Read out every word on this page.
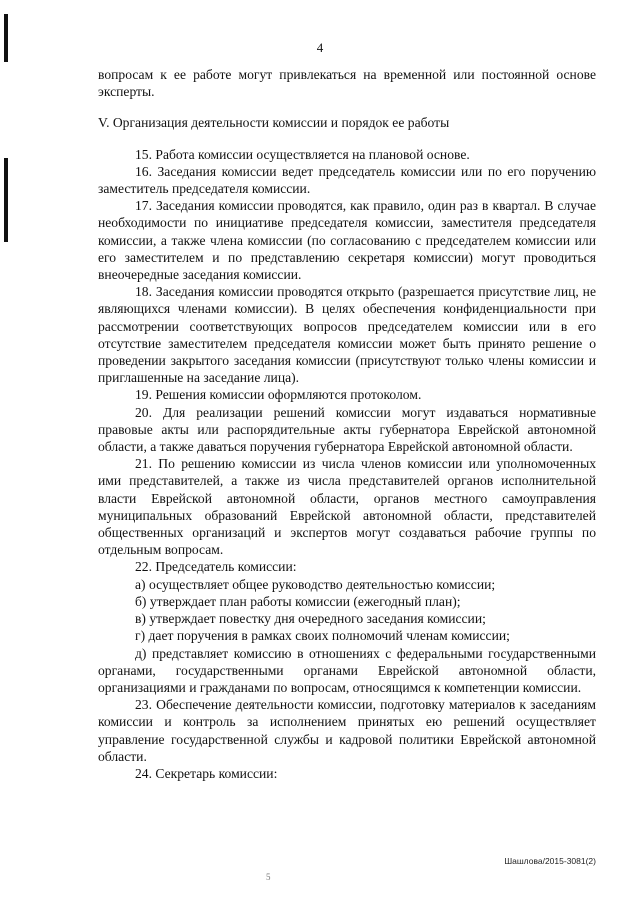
4

вопросам к ее работе могут привлекаться на временной или постоянной основе эксперты.

V. Организация деятельности комиссии и порядок ее работы

15. Работа комиссии осуществляется на плановой основе.

16. Заседания комиссии ведет председатель комиссии или по его поручению заместитель председателя комиссии.

17. Заседания комиссии проводятся, как правило, один раз в квартал. В случае необходимости по инициативе председателя комиссии, заместителя председателя комиссии, а также члена комиссии (по согласованию с председателем комиссии или его заместителем и по представлению секретаря комиссии) могут проводиться внеочередные заседания комиссии.

18. Заседания комиссии проводятся открыто (разрешается присутствие лиц, не являющихся членами комиссии). В целях обеспечения конфиденциальности при рассмотрении соответствующих вопросов председателем комиссии или в его отсутствие заместителем председателя комиссии может быть принято решение о проведении закрытого заседания комиссии (присутствуют только члены комиссии и приглашенные на заседание лица).

19. Решения комиссии оформляются протоколом.

20. Для реализации решений комиссии могут издаваться нормативные правовые акты или распорядительные акты губернатора Еврейской автономной области, а также даваться поручения губернатора Еврейской автономной области.

21. По решению комиссии из числа членов комиссии или уполномоченных ими представителей, а также из числа представителей органов исполнительной власти Еврейской автономной области, органов местного самоуправления муниципальных образований Еврейской автономной области, представителей общественных организаций и экспертов могут создаваться рабочие группы по отдельным вопросам.

22. Председатель комиссии:

а) осуществляет общее руководство деятельностью комиссии;

б) утверждает план работы комиссии (ежегодный план);

в) утверждает повестку дня очередного заседания комиссии;

г) дает поручения в рамках своих полномочий членам комиссии;

д) представляет комиссию в отношениях с федеральными государственными органами, государственными органами Еврейской автономной области, организациями и гражданами по вопросам, относящимся к компетенции комиссии.

23. Обеспечение деятельности комиссии, подготовку материалов к заседаниям комиссии и контроль за исполнением принятых ею решений осуществляет управление государственной службы и кадровой политики Еврейской автономной области.

24. Секретарь комиссии:

Шашлова/2015-3081(2)
5
